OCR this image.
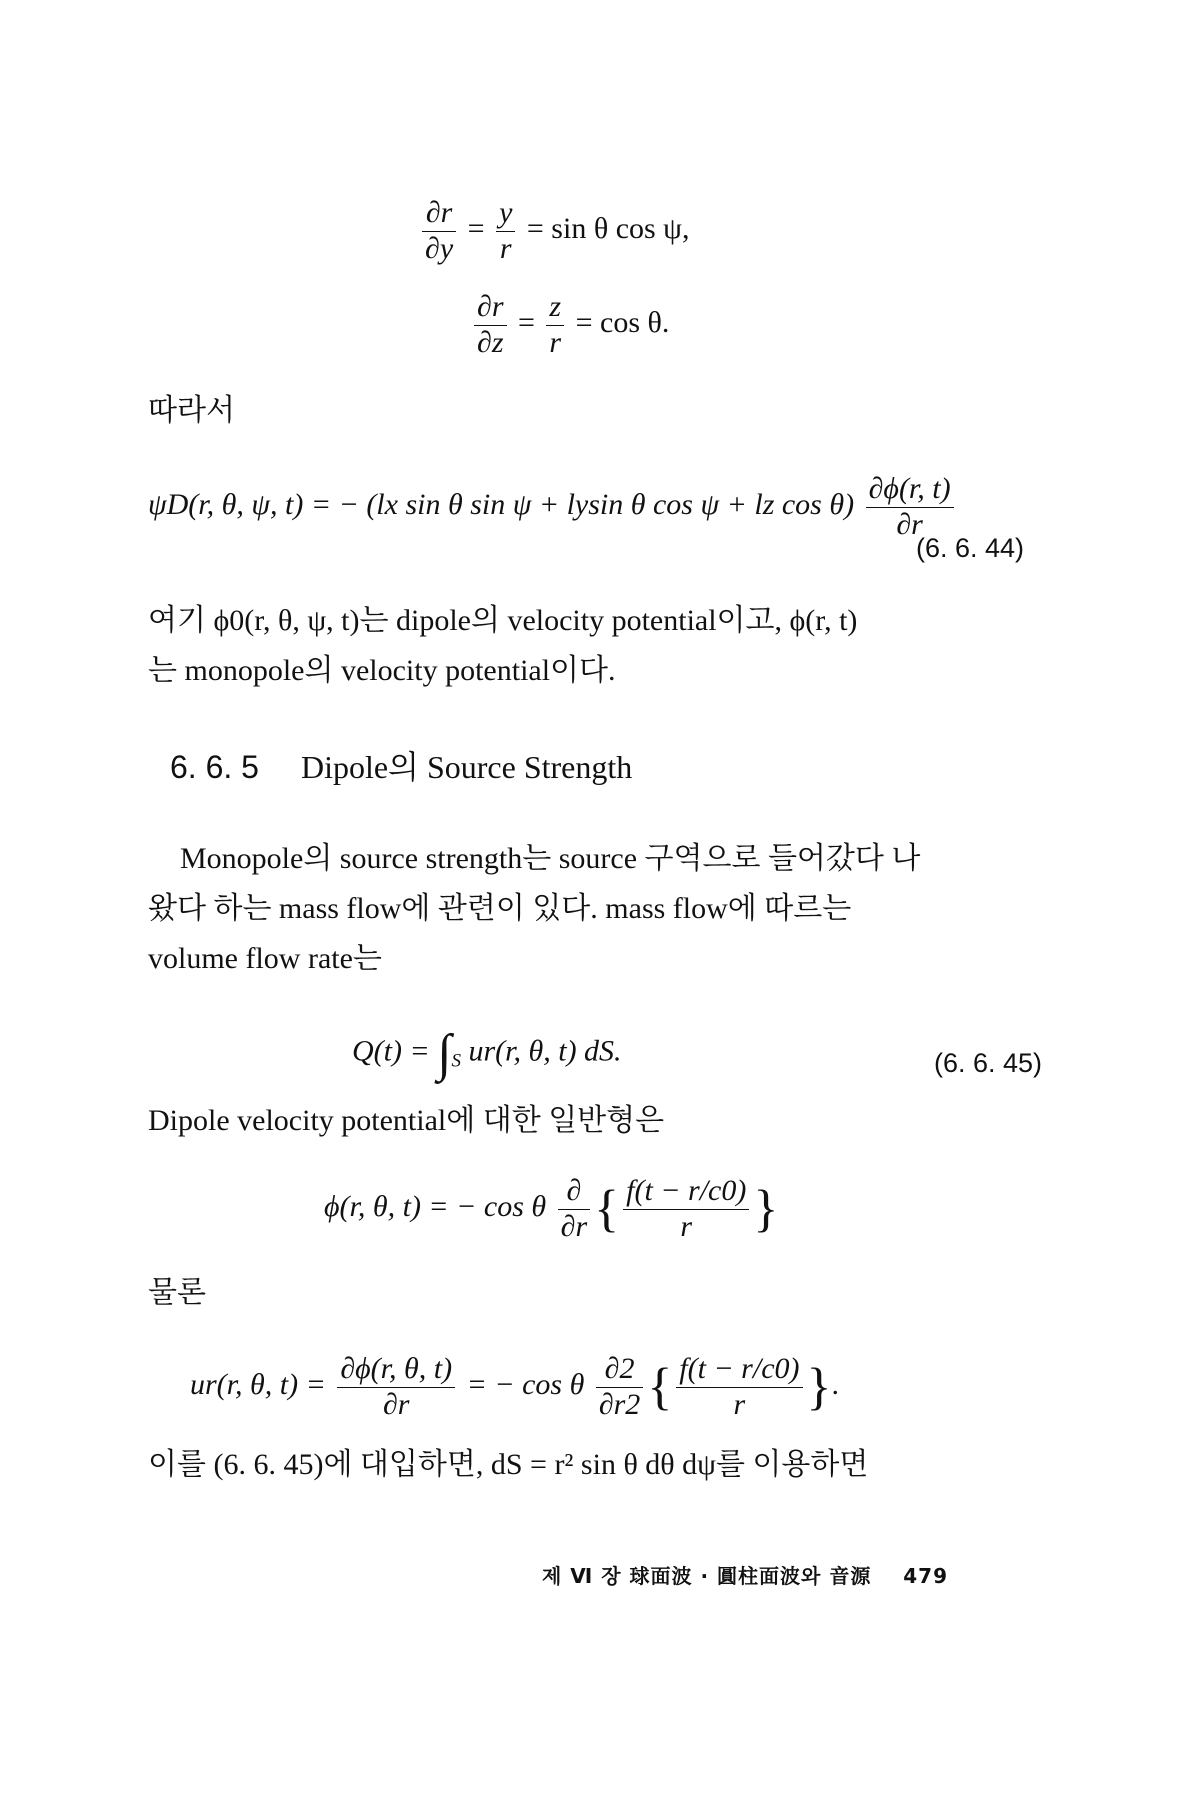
$\frac{\partial r}{\partial y} = \frac{y}{r} = \sin \theta$ cos ψ,
$\frac{\partial r}{\partial z} = \frac{z}{r} = \cos \theta$.
따라서
ψD(r, θ, ψ, t) = − (lx sin θ sin ψ + lysin θ cos ψ + lz $\cos \theta) \frac{\partial\phi(r, t)}{\partial r}$
(6. 6. 44)
여기 ϕ0(r, θ, ψ, t)는 dipole의 velocity potential이고, ϕ(r, t)
는 monopole의 velocity potential이다.
6. 6. 5 Dipole의 Source Strength
Monopole의 source strength는 source 구역으로 들어갔다 나
왔다 하는 mass flow에 관련이 있다. mass flow에 따르는
volume flow rate는
$Q(t) = \int_S$ ur(r, θ, t) dS.	(6. 6. 45)
Dipole velocity potential에 대한 일반형은
ϕ(r, θ, t) = − cos θ $\frac{\partial}{\partial r}$ { $\frac{f(t - r/c0)}{r}$ }
물론
ur(r, θ, $t) = \frac{\partial\phi(r, \theta, t)}{\partial r}$ = − cos θ $\frac{\partial 2}{\partial r2}$ { $\frac{f(t - r/c0)}{r}$ }.
이를 (6. 6. 45)에 대입하면, dS = r² sin θ dθ dψ를 이용하면
제 Ⅵ 장 球面波 · 圓柱面波와 音源 479
